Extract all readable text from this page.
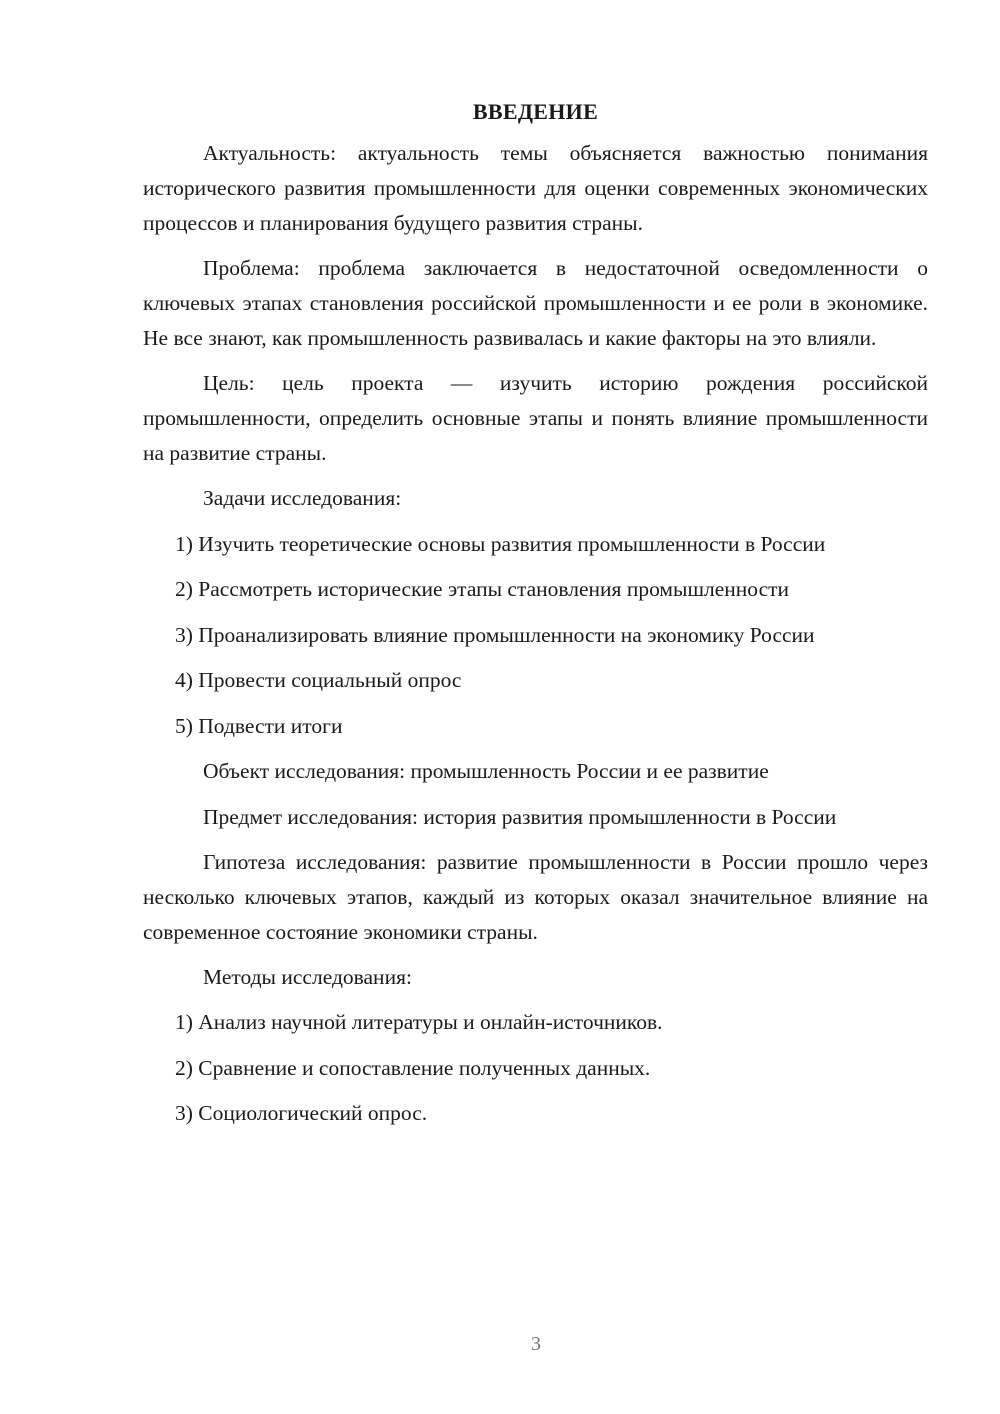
ВВЕДЕНИЕ

Актуальность: актуальность темы объясняется важностью понимания исторического развития промышленности для оценки современных экономических процессов и планирования будущего развития страны.

Проблема: проблема заключается в недостаточной осведомленности о ключевых этапах становления российской промышленности и ее роли в экономике. Не все знают, как промышленность развивалась и какие факторы на это влияли.

Цель: цель проекта — изучить историю рождения российской промышленности, определить основные этапы и понять влияние промышленности на развитие страны.

Задачи исследования:
1) Изучить теоретические основы развития промышленности в России
2) Рассмотреть исторические этапы становления промышленности
3) Проанализировать влияние промышленности на экономику России
4) Провести социальный опрос
5) Подвести итоги
Объект исследования: промышленность России и ее развитие

Предмет исследования: история развития промышленности в России

Гипотеза исследования: развитие промышленности в России прошло через несколько ключевых этапов, каждый из которых оказал значительное влияние на современное состояние экономики страны.

Методы исследования:
1) Анализ научной литературы и онлайн-источников.
2) Сравнение и сопоставление полученных данных.
3) Социологический опрос.
3
